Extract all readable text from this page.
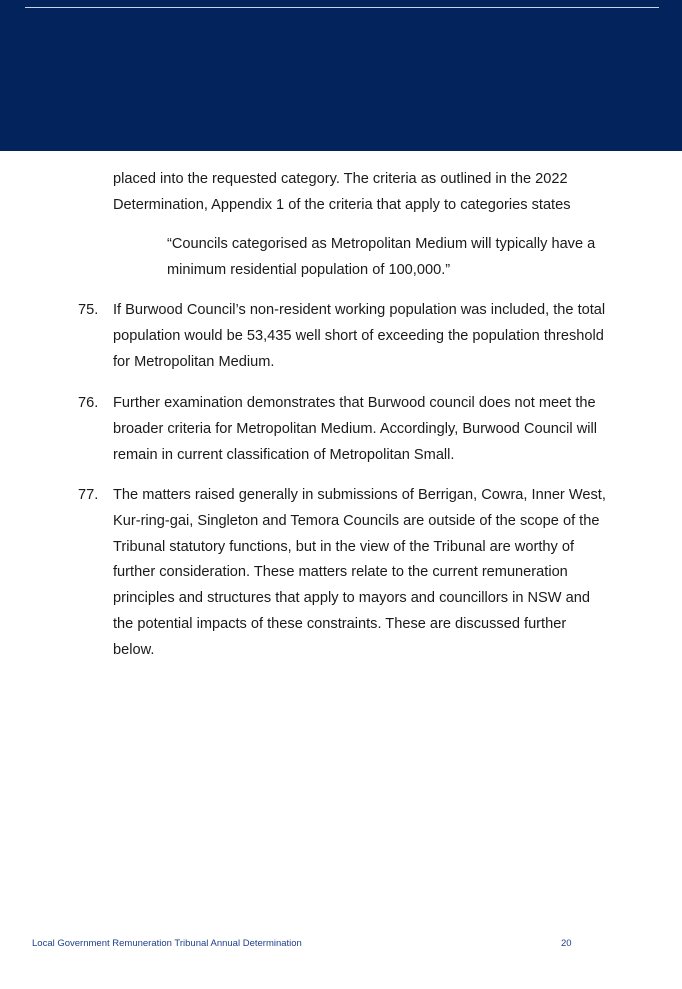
placed into the requested category. The criteria as outlined in the 2022 Determination, Appendix 1 of the criteria that apply to categories states
“Councils categorised as Metropolitan Medium will typically have a minimum residential population of 100,000.”
75. If Burwood Council’s non-resident working population was included, the total population would be 53,435 well short of exceeding the population threshold for Metropolitan Medium.
76. Further examination demonstrates that Burwood council does not meet the broader criteria for Metropolitan Medium. Accordingly, Burwood Council will remain in current classification of Metropolitan Small.
77. The matters raised generally in submissions of Berrigan, Cowra, Inner West, Kur-ring-gai, Singleton and Temora Councils are outside of the scope of the Tribunal statutory functions, but in the view of the Tribunal are worthy of further consideration. These matters relate to the current remuneration principles and structures that apply to mayors and councillors in NSW and the potential impacts of these constraints. These are discussed further below.
Local Government Remuneration Tribunal Annual Determination	20
